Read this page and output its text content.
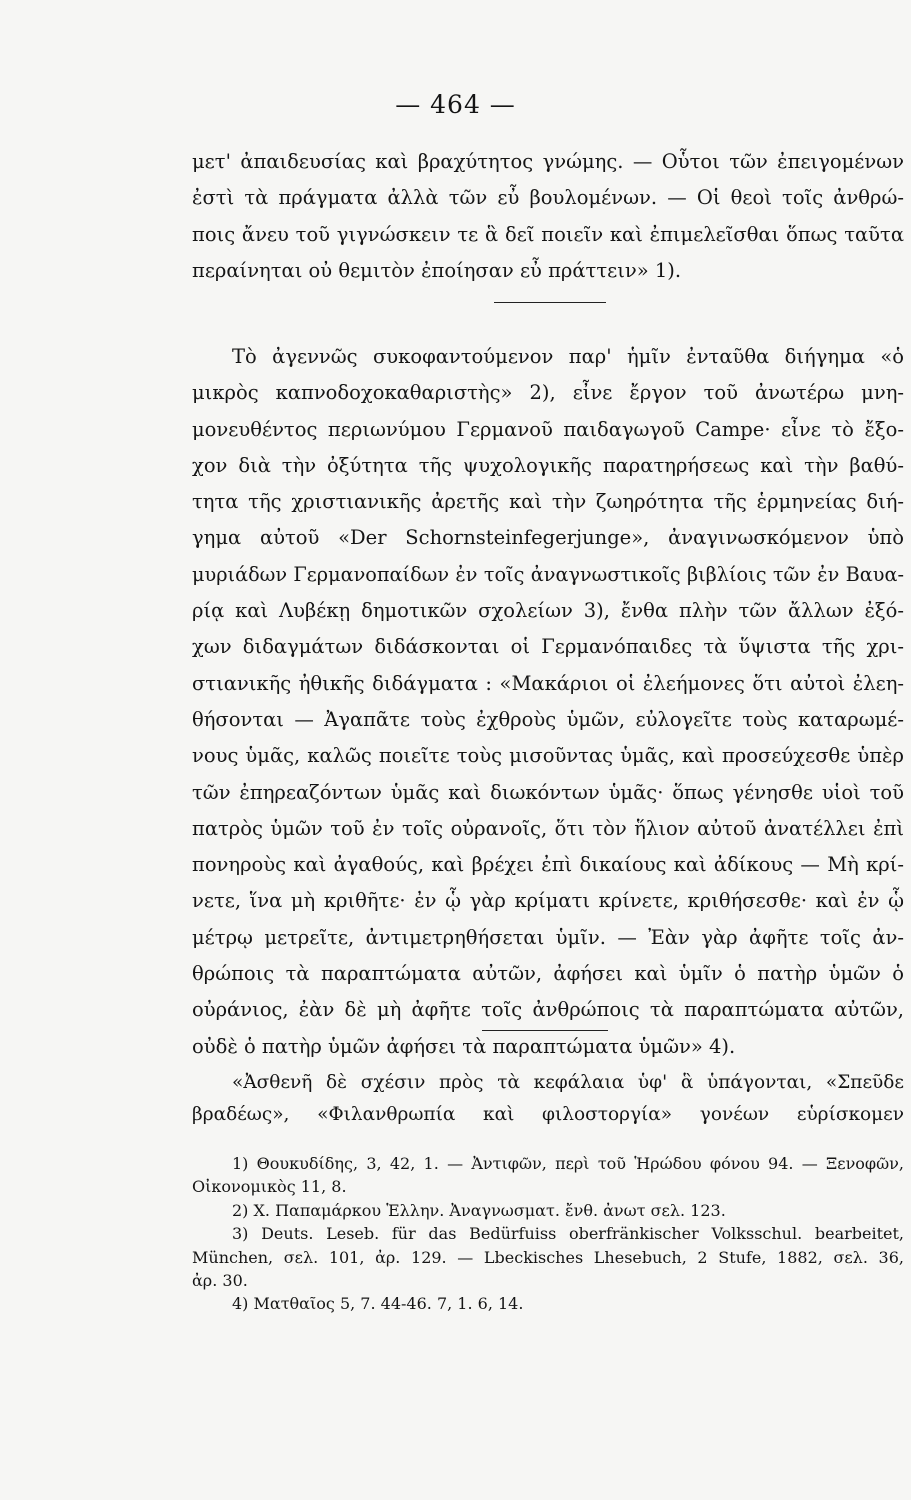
— 464 —
μετ' ἀπαιδευσίας καὶ βραχύτητος γνώμης. — Οὗτοι τῶν ἐπειγομένων
ἐστὶ τὰ πράγματα ἀλλὰ τῶν εὖ βουλομένων. — Οἱ θεοὶ τοῖς ἀνθρώ-
ποις ἄνευ τοῦ γιγνώσκειν τε ἃ δεῖ ποιεῖν καὶ ἐπιμελεῖσθαι ὅπως ταῦτα
περαίνηται οὐ θεμιτὸν ἐποίησαν εὖ πράττειν» 1).
Τὸ ἀγεννῶς συκοφαντούμενον παρ' ἡμῖν ἐνταῦθα διήγημα «ὁ
μικρὸς καπνοδοχοκαθαριστὴς» 2), εἶνε ἔργον τοῦ ἀνωτέρω μνη-
μονευθέντος περιωνύμου Γερμανοῦ παιδαγωγοῦ Campe· εἶνε τὸ ἔξο-
χον διὰ τὴν ὀξύτητα τῆς ψυχολογικῆς παρατηρήσεως καὶ τὴν βαθύ-
τητα τῆς χριστιανικῆς ἀρετῆς καὶ τὴν ζωηρότητα τῆς ἑρμηνείας διή-
γημα αὐτοῦ «Der Schornsteinfegerjunge», ἀναγινωσκόμενον ὑπὸ
μυριάδων Γερμανοπαίδων ἐν τοῖς ἀναγνωστικοῖς βιβλίοις τῶν ἐν Βαυα-
ρίᾳ καὶ Λυβέκῃ δημοτικῶν σχολείων 3), ἔνθα πλὴν τῶν ἄλλων ἐξό-
χων διδαγμάτων διδάσκονται οἱ Γερμανόπαιδες τὰ ὕψιστα τῆς χρι-
στιανικῆς ἠθικῆς διδάγματα : «Μακάριοι οἱ ἐλεήμονες ὅτι αὐτοὶ ἐλεη-
θήσονται — Ἀγαπᾶτε τοὺς ἐχθροὺς ὑμῶν, εὐλογεῖτε τοὺς καταρωμέ-
νους ὑμᾶς, καλῶς ποιεῖτε τοὺς μισοῦντας ὑμᾶς, καὶ προσεύχεσθε ὑπὲρ
τῶν ἐπηρεαζόντων ὑμᾶς καὶ διωκόντων ὑμᾶς· ὅπως γένησθε υἱοὶ τοῦ
πατρὸς ὑμῶν τοῦ ἐν τοῖς οὐρανοῖς, ὅτι τὸν ἥλιον αὐτοῦ ἀνατέλλει ἐπὶ
πονηροὺς καὶ ἀγαθούς, καὶ βρέχει ἐπὶ δικαίους καὶ ἀδίκους — Μὴ κρί-
νετε, ἵνα μὴ κριθῆτε· ἐν ᾧ γὰρ κρίματι κρίνετε, κριθήσεσθε· καὶ ἐν ᾧ
μέτρῳ μετρεῖτε, ἀντιμετρηθήσεται ὑμῖν. — Ἐὰν γὰρ ἀφῆτε τοῖς ἀν-
θρώποις τὰ παραπτώματα αὐτῶν, ἀφήσει καὶ ὑμῖν ὁ πατὴρ ὑμῶν ὁ
οὐράνιος, ἐὰν δὲ μὴ ἀφῆτε τοῖς ἀνθρώποις τὰ παραπτώματα αὐτῶν,
οὐδὲ ὁ πατὴρ ὑμῶν ἀφήσει τὰ παραπτώματα ὑμῶν» 4).
«Ἀσθενῆ δὲ σχέσιν πρὸς τὰ κεφάλαια ὑφ' ἃ ὑπάγονται, «Σπεῦδε
βραδέως», «Φιλανθρωπία καὶ φιλοστοργία» γονέων εὑρίσκομεν
1) Θουκυδίδης, 3, 42, 1. — Ἀντιφῶν, περὶ τοῦ Ἡρώδου φόνου 94. — Ξενοφῶν,
Οἰκονομικὸς 11, 8.
2) Χ. Παπαμάρκου Ἑλλην. Ἀναγνωσματ. ἔνθ. ἀνωτ σελ. 123.
3) Deuts. Leseb. für das Bedürfuiss oberfränkischer Volksschul. bearbeitet,
München, σελ. 101, ἀρ. 129. — Lbeckisches Lhesebuch, 2 Stufe, 1882, σελ. 36,
ἀρ. 30.
4) Ματθαῖος 5, 7. 44-46. 7, 1. 6, 14.
